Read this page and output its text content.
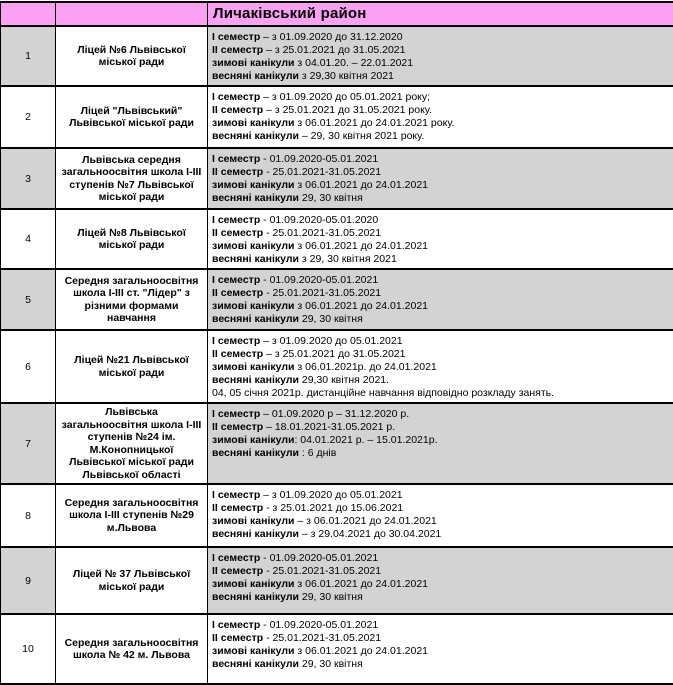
		Личаківський район
1	Ліцей №6 Львівської міської ради	І семестр – з 01.09.2020 до 31.12.2020
ІІ семестр – з 25.01.2021 до 31.05.2021
зимові канікули з 04.01.20. – 22.01.2021
весняні канікули з 29,30 квітня 2021

2	Ліцей "Львівський" Львівської міської ради	І семестр – з 01.09.2020 до 05.01.2021 року;
ІІ семестр – з 25.01.2021 до 31.05.2021 року.
зимові канікули з 06.01.2021 до 24.01.2021 року.
весняні канікули – 29, 30 квітня 2021 року.

3	Львівська середня загальноосвітня школа І-ІІІ ступенів №7 Львівської міської ради	І семестр - 01.09.2020-05.01.2021
ІІ семестр - 25.01.2021-31.05.2021
зимові канікули з 06.01.2021 до 24.01.2021
весняні канікули 29, 30 квітня

4	Ліцей №8 Львівської міської ради	І семестр - 01.09.2020-05.01.2020
ІІ семестр - 25.01.2021-31.05.2021
зимові канікули з 06.01.2021 до 24.01.2021
весняні канікули з 29, 30 квітня 2021

5	Середня загальноосвітня школа І-ІІІ ст. "Лідер" з різними формами навчання	І семестр - 01.09.2020-05.01.2021
ІІ семестр - 25.01.2021-31.05.2021
зимові канікули з 06.01.2021 до 24.01.2021
весняні канікули 29, 30 квітня

6	Ліцей №21 Львівської міської ради	І семестр – з 01.09.2020 до 05.01.2021
ІІ семестр – з 25.01.2021 до 31.05.2021
зимові канікули з 06.01.2021р. до 24.01.2021
весняні канікули 29,30 квітня 2021.
04, 05 січня 2021р. дистанційне навчання відповідно розкладу занять.

7	Львівська загальноосвітня школа І-ІІІ ступенів №24 ім. М.Конопницької Львівської міської ради Львівської області	І семестр – 01.09.2020 р – 31.12.2020 р.
ІІ семестр – 18.01.2021-31.05.2021 р.
зимові канікули: 04.01.2021 р. – 15.01.2021р.
весняні канікули : 6 днів

8	Середня загальноосвітня школа І-ІІІ ступенів №29 м.Львова	І семестр – з 01.09.2020 до 05.01.2021
ІІ семестр - з 25.01.2021 до 15.06.2021
зимові канікули – з 06.01.2021 до 24.01.2021
весняні канікули – з 29.04.2021 до 30.04.2021

9	Ліцей № 37 Львівської міської ради	І семестр - 01.09.2020-05.01.2021
ІІ семестр - 25.01.2021-31.05.2021
зимові канікули з 06.01.2021 до 24.01.2021
весняні канікули 29, 30 квітня

10	Середня загальноосвітня школа № 42 м. Львова	І семестр - 01.09.2020-05.01.2021
ІІ семестр - 25.01.2021-31.05.2021
зимові канікули з 06.01.2021 до 24.01.2021
весняні канікули 29, 30 квітня
